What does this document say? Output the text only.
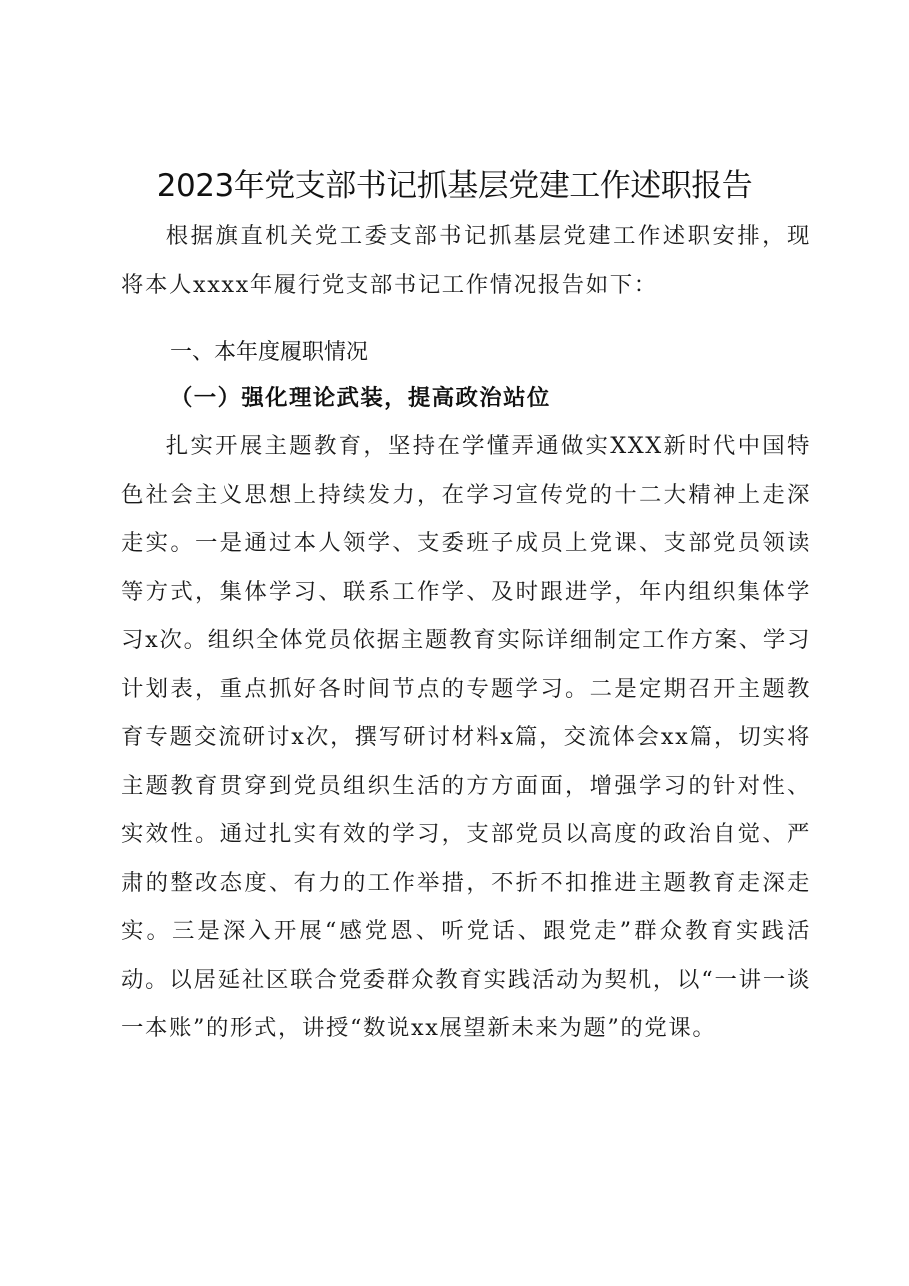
2023年党支部书记抓基层党建工作述职报告

根据旗直机关党工委支部书记抓基层党建工作述职安排，现将本人xxxx年履行党支部书记工作情况报告如下：

一、本年度履职情况
（一）强化理论武装，提高政治站位

扎实开展主题教育，坚持在学懂弄通做实XXX新时代中国特色社会主义思想上持续发力，在学习宣传党的十二大精神上走深走实。一是通过本人领学、支委班子成员上党课、支部党员领读等方式，集体学习、联系工作学、及时跟进学，年内组织集体学习x次。组织全体党员依据主题教育实际详细制定工作方案、学习计划表，重点抓好各时间节点的专题学习。二是定期召开主题教育专题交流研讨x次，撰写研讨材料x篇，交流体会xx篇，切实将主题教育贯穿到党员组织生活的方方面面，增强学习的针对性、实效性。通过扎实有效的学习，支部党员以高度的政治自觉、严肃的整改态度、有力的工作举措，不折不扣推进主题教育走深走实。三是深入开展“感党恩、听党话、跟党走”群众教育实践活动。以居延社区联合党委群众教育实践活动为契机，以“一讲一谈一本账”的形式，讲授“数说xx展望新未来为题”的党课。
